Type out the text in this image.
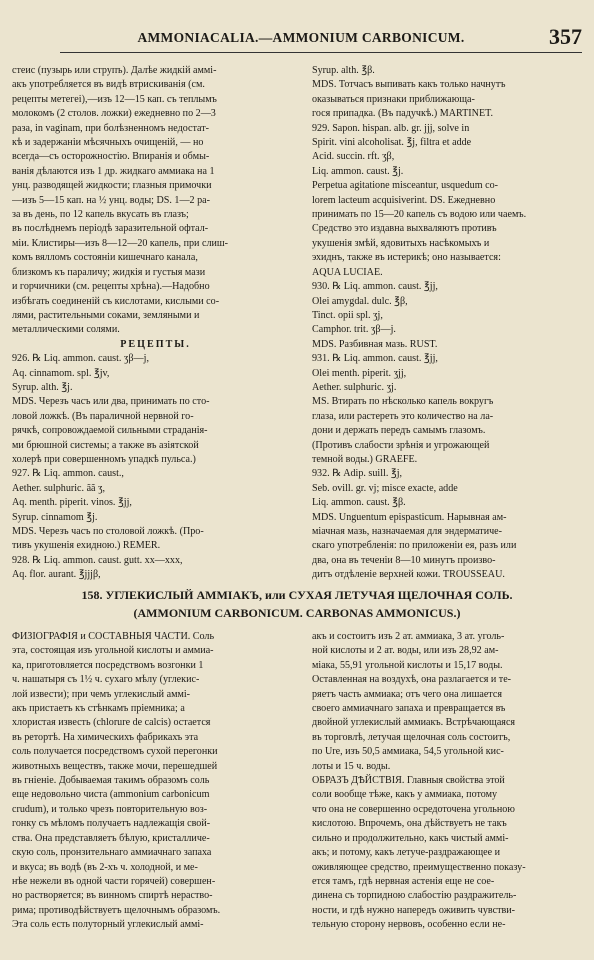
AMMONIACALIA.—AMMONIUM CARBONICUM.	357

стеис (пузырь или струпъ). Далѣе жидкій аммі-

акъ употребляется въ видѣ втрискиванія (см.

рецепты метегеі),—изъ 12—15 кап. съ теплымъ

молокомъ (2 столов. ложки) ежедневно по 2—3

раза, in vaginam, при болѣзненномъ недостат-

кѣ и задержаніи мѣсячныхъ очищеній, — но

всегда—съ осторожностію. Впиранія и обмы-

ванія дѣлаются изъ 1 др. жидкаго аммиака на 1

унц. разводящей жидкости; глазныя примочки

—изъ 5—15 кап. на ½ унц. воды; DS. 1—2 ра-

за въ день, по 12 капель вкусать въ глазъ;

въ послѣднемъ періодѣ заразительной офтал-

міи. Клистиры—изъ 8—12—20 капель, при слиш-

комъ вялломъ состояніи кишечнаго канала,

близкомъ къ параличу; жидкія и густыя мази

и горчичники (см. рецепты хрѣна).—Надобно

избѣгать соединеній съ кислотами, кислыми со-

лями, растительными соками, земляными и

металлическими солями.

РЕЦЕПТЫ.

926. ℞ Liq. ammon. caust. ʒβ—j,

Aq. cinnamom. spl. ℥jv,

Syrup. alth. ℥j.

MDS. Черезъ часъ или два, принимать по сто-

ловой ложкѣ. (Въ параличной нервной го-

рячкѣ, сопровождаемой сильными страданія-

ми брюшной системы; а также въ азіятской

холерѣ при совершенномъ упадкѣ пульса.)

927. ℞ Liq. ammon. caust.,

Aether. sulphuric. ãã ʒ,

Aq. menth. piperit. vinos. ℥jj,

Syrup. cinnamom ℥j.

MDS. Черезъ часъ по столовой ложкѣ. (Про-

тивъ укушенія ехидною.) REMER.

928. ℞ Liq. ammon. caust. gutt. xx—xxx,

Aq. flor. aurant. ℥jjjβ,

Syrup. alth. ℥β.

MDS. Тотчасъ выпивать какъ только начнутъ

оказываться признаки приближающа-

гося припадка. (Въ падучкѣ.) MARTINET.

929. Sapon. hispan. alb. gr. jjj, solve in

Spirit. vini alcoholisat. ℥j, filtra et adde

Acid. succin. rft. ʒβ,

Liq. ammon. caust. ℥j.

Perpetua agitatione misceantur, usquedum co-

lorem lacteum acquisiverint. DS. Ежедневно

принимать по 15—20 капель съ водою или чаемъ.

Средство это издавна выхваляютъ противъ

укушенія змѣй, ядовитыхъ насѣкомыхъ и

эхиднъ, также въ истерикѣ; оно называется:

AQUA LUCIAE.

930. ℞ Liq. ammon. caust. ℥jj,

Olei amygdal. dulc. ℥β,

Tinct. opii spl. ʒj,

Camphor. trit. ʒβ—j.

MDS. Разбивная мазь. RUST.

931. ℞ Liq. ammon. caust. ℥jj,

Olei menth. piperit. ʒjj,

Aether. sulphuric. ʒj.

MS. Втирать по нѣсколько капель вокругъ

глаза, или растереть это количество на ла-

дони и держать передъ самымъ глазомъ.

(Противъ слабости зрѣнія и угрожающей

темной воды.) GRAEFE.

932. ℞ Adip. suill. ℥j,

Seb. ovill. gr. vj; misce exacte, adde

Liq. ammon. caust. ℥β.

MDS. Unguentum epispasticum. Нарывная ам-

міачная мазь, назначаемая для эндерматиче-

скаго употребленія: по приложеніи ея, разъ или

два, она въ теченіи 8—10 минутъ произво-

дитъ отдѣленіе верхней кожи. TROUSSEAU.

158. УГЛЕКИСЛЫЙ АММІАКЪ, или СУХАЯ ЛЕТУЧАЯ ЩЕЛОЧНАЯ СОЛЬ.
(AMMONIUM CARBONICUM. CARBONAS AMMONICUS.)

ФИЗІОГРАФІЯ и СОСТАВНЫЯ ЧАСТИ. Соль

эта, состоящая изъ угольной кислоты и аммиа-

ка, приготовляется посредствомъ возгонки 1

ч. нашатыря съ 1½ ч. сухаго мѣлу (углекис-

лой извести); при чемъ углекислый аммі-

акъ пристаетъ къ стѣнкамъ пріемника; а

хлористая известь (chlorure de calcis) остается

въ ретортѣ. На химическихъ фабрикахъ эта

соль получается посредствомъ сухой перегонки

животныхъ веществъ, также мочи, перешедшей

въ гніеніе. Добываемая такимъ образомъ соль

еще недовольно чиста (ammonium carbonicum

crudum), и только чрезъ повторительную воз-

гонку съ мѣломъ получаетъ надлежащія свой-

ства. Она представляетъ бѣлую, кристалличе-

скую соль, пронзительнаго аммиачнаго запаха

и вкуса; въ водѣ (въ 2-хъ ч. холодной, и ме-

нѣе нежели въ одной части горячей) совершен-

но растворяется; въ винномъ спиртѣ нераство-

рима; противодѣйствуетъ щелочнымъ образомъ.

Эта соль есть полуторный углекислый аммі-

акъ и состоитъ изъ 2 ат. аммиака, 3 ат. уголь-

ной кислоты и 2 ат. воды, или изъ 28,92 ам-

міака, 55,91 угольной кислоты и 15,17 воды.

Оставленная на воздухѣ, она разлагается и те-

ряетъ часть аммиака; отъ чего она лишается

своего аммиачнаго запаха и превращается въ

двойной углекислый аммиакъ. Встрѣчающаяся

въ торговлѣ, летучая щелочная соль состоитъ,

по Ure, изъ 50,5 аммиака, 54,5 угольной кис-

лоты и 15 ч. воды.

ОБРАЗЪ ДѢЙСТВІЯ. Главныя свойства этой

соли вообще тѣже, какъ у аммиака, потому

что она не совершенно осредоточена угольною

кислотою. Впрочемъ, она дѣйствуетъ не такъ

сильно и продолжительно, какъ чистый аммі-

акъ; и потому, какъ летуче-раздражающее и

оживляющее средство, преимущественно показу-

ется тамъ, гдѣ нервная астенія еще не сое-

динена съ торпидною слабостію раздражитель-

ности, и гдѣ нужно напередъ оживить чувстви-

тельную сторону нервовъ, особенно если не-
